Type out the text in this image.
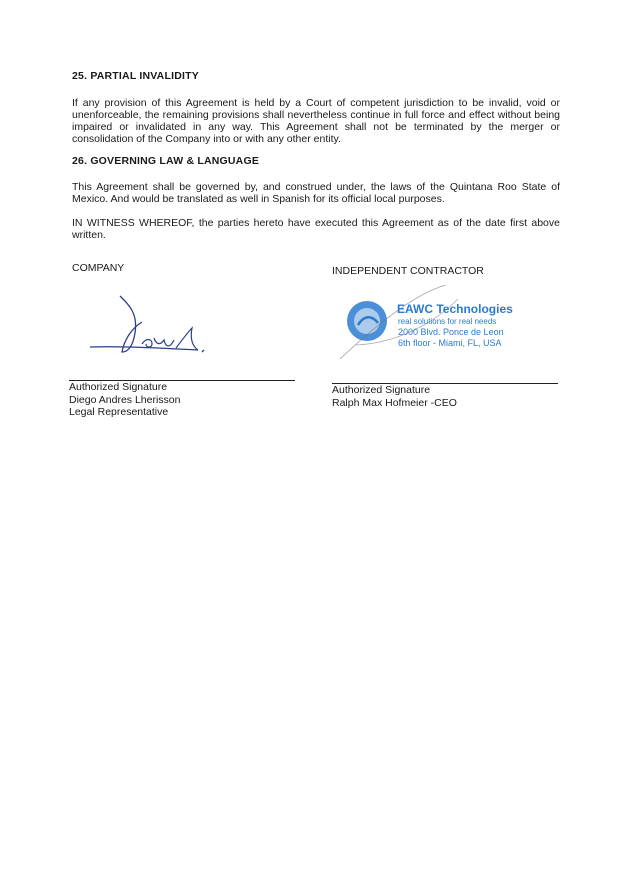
25. PARTIAL INVALIDITY

If any provision of this Agreement is held by a Court of competent jurisdiction to be invalid, void or unenforceable, the remaining provisions shall nevertheless continue in full force and effect without being impaired or invalidated in any way. This Agreement shall not be terminated by the merger or consolidation of the Company into or with any other entity.

26. GOVERNING LAW & LANGUAGE

This Agreement shall be governed by, and construed under, the laws of the Quintana Roo State of Mexico. And would be translated as well in Spanish for its official local purposes.

IN WITNESS WHEREOF, the parties hereto have executed this Agreement as of the date first above written.

COMPANY
Authorized Signature
Diego Andres Lherisson
Legal Representative
INDEPENDENT CONTRACTOR
EAWC Technologies
real solutions for real needs
2000 Blvd. Ponce de Leon
6th floor - Miami, FL, USA
Authorized Signature
Ralph Max Hofmeier -CEO
